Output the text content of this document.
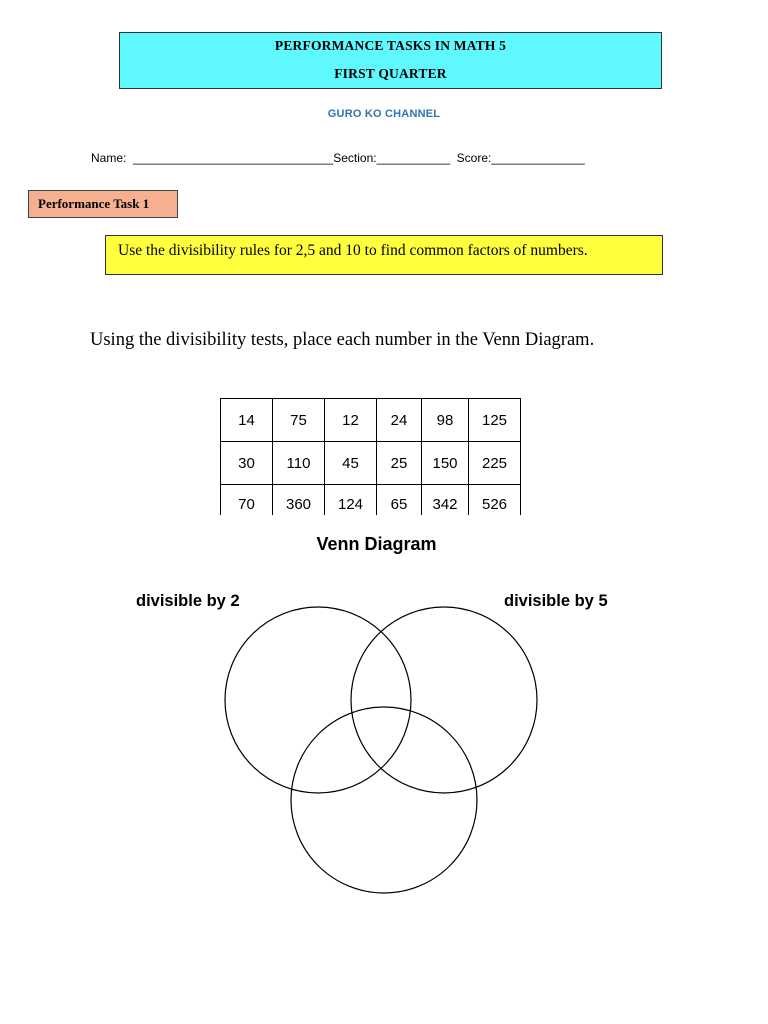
PERFORMANCE TASKS IN MATH 5
FIRST QUARTER
GURO KO CHANNEL
Name:  ______________________________Section:___________  Score:______________
Performance Task 1
Use the divisibility rules for 2,5 and 10 to find common factors of numbers.
Using the divisibility tests, place each number in the Venn Diagram.
14	75	12	24	98	125
30	110	45	25	150	225
70	360	124	65	342	526
Venn Diagram
divisible by 2	divisible by 5
